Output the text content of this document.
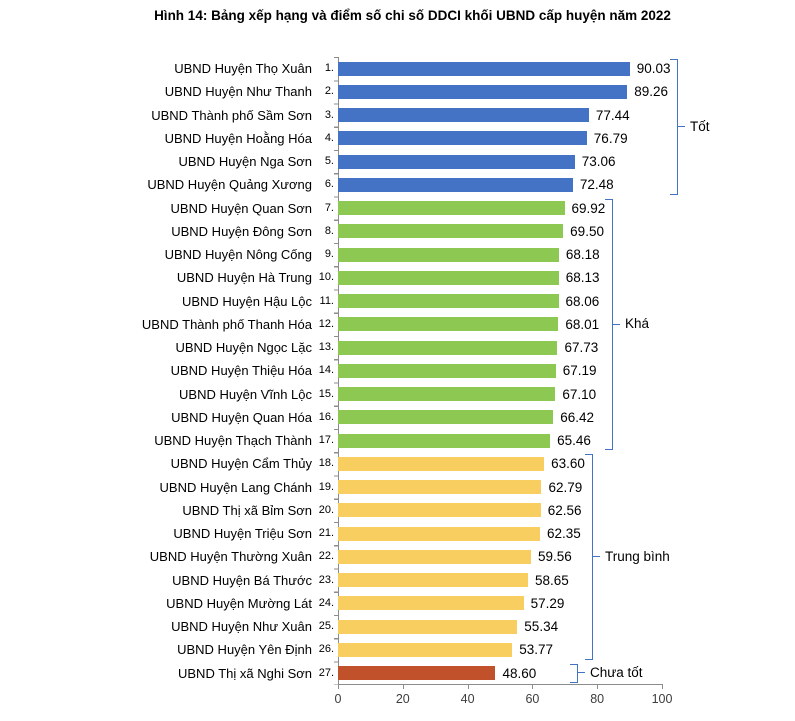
Hình 14: Bảng xếp hạng và điểm số chi số DDCI khối UBND cấp huyện năm 2022
UBND Huyện Thọ Xuân	1.	90.03
UBND Huyện Như Thanh	2.	89.26
UBND Thành phố Sầm Sơn	3.	77.44
UBND Huyện Hoằng Hóa	4.	76.79
UBND Huyện Nga Sơn	5.	73.06
UBND Huyện Quảng Xương	6.	72.48
UBND Huyện Quan Sơn	7.	69.92
UBND Huyện Đông Sơn	8.	69.50
UBND Huyện Nông Cống	9.	68.18
UBND Huyện Hà Trung 10.	68.13
UBND Huyện Hậu Lộc 11.	68.06
UBND Thành phố Thanh Hóa 12.	68.01
UBND Huyện Ngọc Lặc 13.	67.73
UBND Huyện Thiệu Hóa 14.	67.19
UBND Huyện Vĩnh Lộc 15.	67.10
UBND Huyện Quan Hóa 16.	66.42
UBND Huyện Thạch Thành 17.	65.46
UBND Huyện Cẩm Thủy 18.	63.60
UBND Huyện Lang Chánh 19.	62.79
UBND Thị xã Bỉm Sơn 20.	62.56
UBND Huyện Triệu Sơn 21.	62.35
UBND Huyện Thường Xuân 22.	59.56
UBND Huyện Bá Thước 23.	58.65
UBND Huyện Mường Lát 24.	57.29
UBND Huyện Như Xuân 25.	55.34
UBND Huyện Yên Định 26.	53.77
UBND Thị xã Nghi Sơn 27.	48.60
0	20	40	60	80	100
Tốt
Khá
Trung bình
Chưa tốt
